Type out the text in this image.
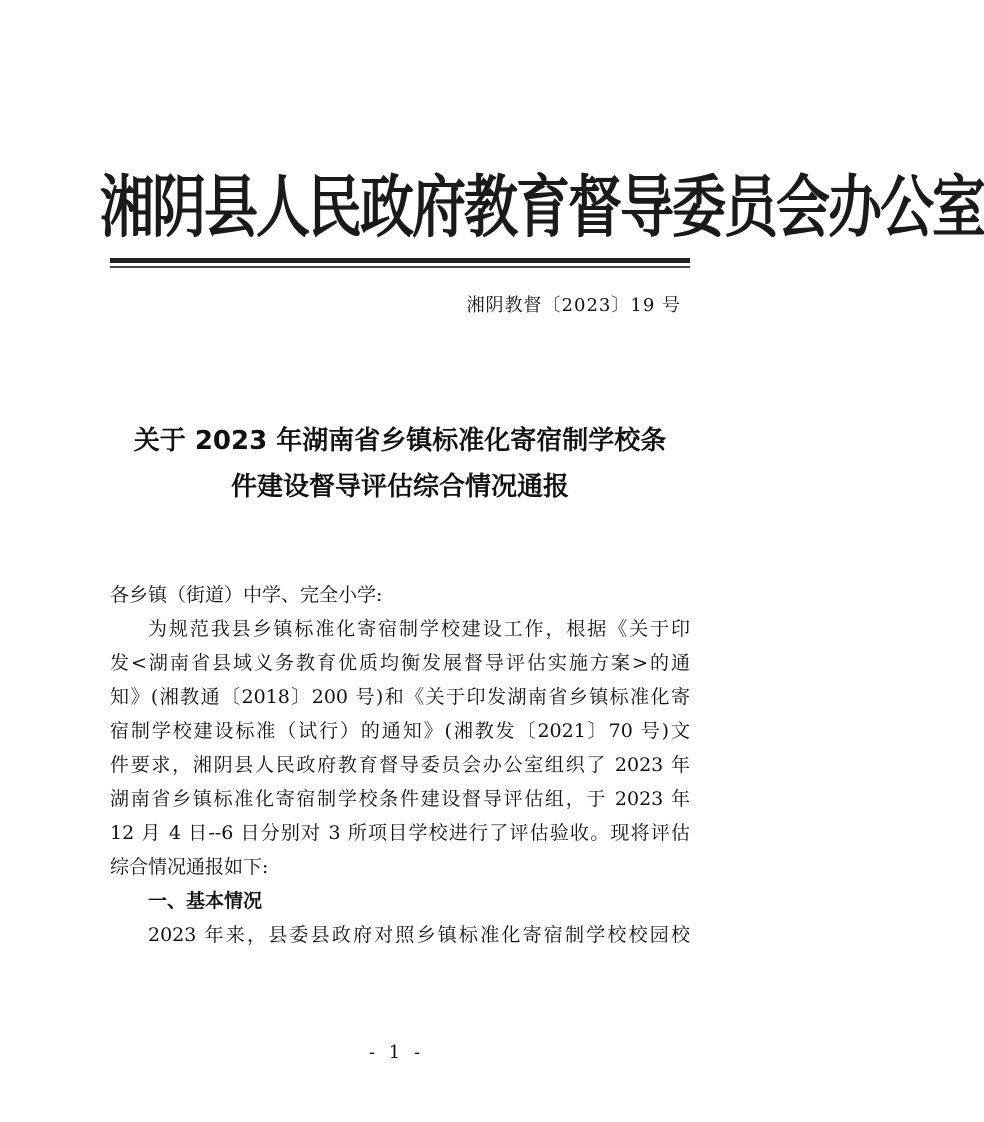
湘阴县人民政府教育督导委员会办公室
湘阴教督〔2023〕19 号
关于 2023 年湖南省乡镇标准化寄宿制学校条
件建设督导评估综合情况通报
各乡镇（街道）中学、完全小学:
为规范我县乡镇标准化寄宿制学校建设工作，根据《关于印
发<湖南省县域义务教育优质均衡发展督导评估实施方案>的通
知》(湘教通〔2018〕200 号)和《关于印发湖南省乡镇标准化寄
宿制学校建设标准（试行）的通知》(湘教发〔2021〕70 号)文
件要求，湘阴县人民政府教育督导委员会办公室组织了 2023 年
湖南省乡镇标准化寄宿制学校条件建设督导评估组，于 2023 年
12 月 4 日--6 日分别对 3 所项目学校进行了评估验收。现将评估
综合情况通报如下:
一、基本情况
2023 年来，县委县政府对照乡镇标准化寄宿制学校校园校
- 1 -
